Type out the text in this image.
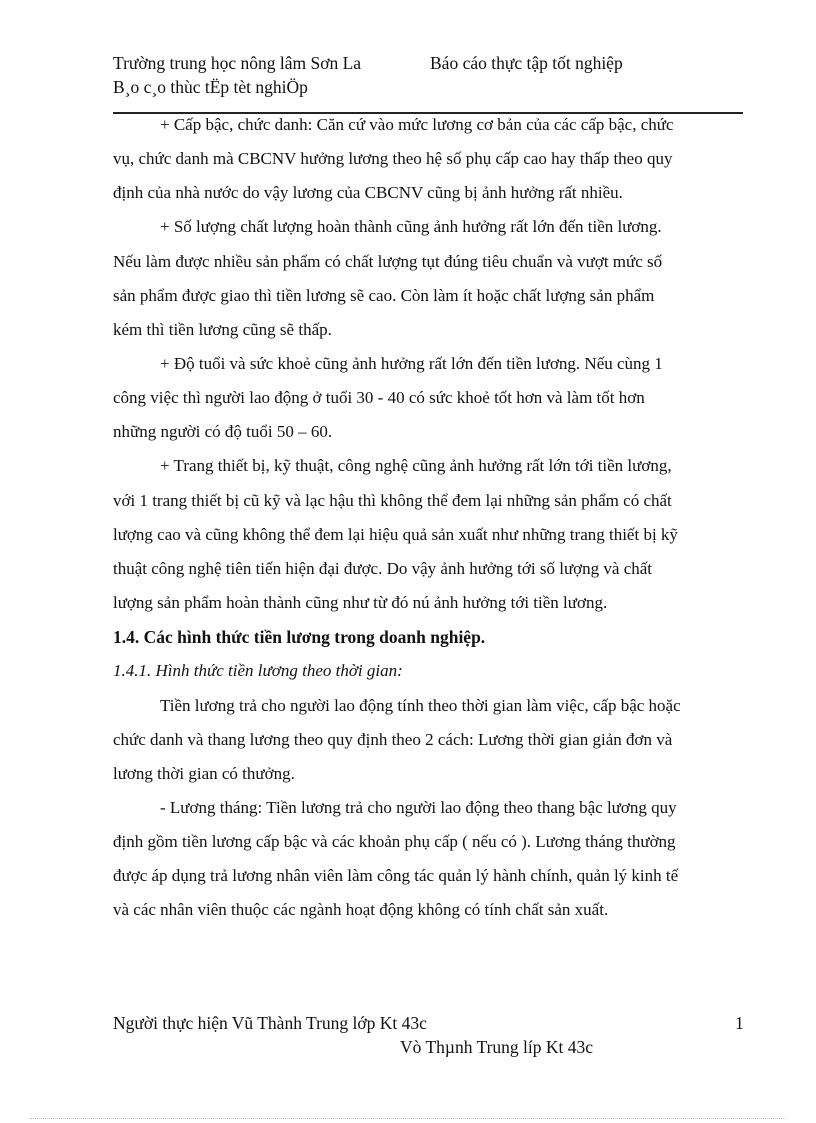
Trường trung học nông lâm Sơn La	Báo cáo thực tập tốt nghiệp
B¸o c¸o thùc tËp tèt nghiÖp
+ Cấp bậc, chức danh: Căn cứ vào mức lương cơ bản của các cấp bậc, chức
vụ, chức danh mà CBCNV hưởng lương theo hệ số phụ cấp cao hay thấp theo quy
định của nhà nước do vậy lương của CBCNV cũng bị ảnh hưởng rất nhiều.
+ Số lượng chất lượng hoàn thành cũng ảnh hưởng rất lớn đến tiền lương.
Nếu làm được nhiều sản phẩm có chất lượng tụt đúng tiêu chuẩn và vượt mức số
sản phẩm được giao thì tiền lương sẽ cao. Còn làm ít hoặc chất lượng sản phẩm
kém thì tiền lương cũng sẽ thấp.
+ Độ tuổi và sức khoẻ cũng ảnh hưởng rất lớn đến tiền lương. Nếu cùng 1
công việc thì người lao động ở tuổi 30 - 40 có sức khoẻ tốt hơn và làm tốt hơn
những người có độ tuổi 50 – 60.
+ Trang thiết bị, kỹ thuật, công nghệ cũng ảnh hưởng rất lớn tới tiền lương,
với 1 trang thiết bị cũ kỹ và lạc hậu thì không thể đem lại những sản phẩm có chất
lượng cao và cũng không thể đem lại hiệu quả sản xuất như những trang thiết bị kỹ
thuật công nghệ tiên tiến hiện đại được. Do vậy ảnh hưởng tới số lượng và chất
lượng sản phẩm hoàn thành cũng như từ đó nú ảnh hưởng tới tiền lương.
1.4. Các hình thức tiền lương trong doanh nghiệp.
1.4.1. Hình thức tiền lương theo thời gian:
Tiền lương trả cho người lao động tính theo thời gian làm việc, cấp bậc hoặc
chức danh và thang lương theo quy định theo 2 cách: Lương thời gian giản đơn và
lương thời gian có thưởng.
- Lương tháng: Tiền lương trả cho người lao động theo thang bậc lương quy
định gồm tiền lương cấp bậc và các khoản phụ cấp ( nếu có ). Lương tháng thường
được áp dụng trả lương nhân viên làm công tác quản lý hành chính, quản lý kinh tế
và các nhân viên thuộc các ngành hoạt động không có tính chất sản xuất.
Người thực hiện Vũ Thành Trung lớp Kt 43c	1
Vò Thµnh Trung líp Kt 43c
